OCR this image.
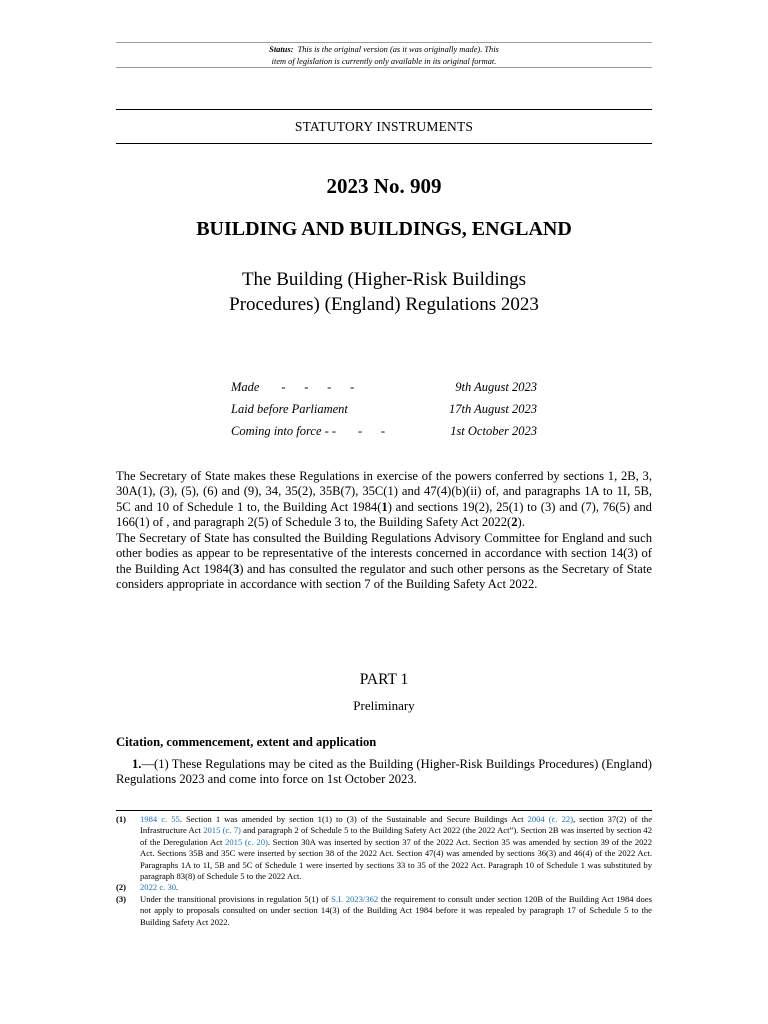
Status: This is the original version (as it was originally made). This
item of legislation is currently only available in its original format.
STATUTORY INSTRUMENTS
2023 No. 909
BUILDING AND BUILDINGS, ENGLAND
The Building (Higher-Risk Buildings
Procedures) (England) Regulations 2023
Made       -      -      -      -	9th August 2023
Laid before Parliament	17th August 2023
Coming into force - -       -      -	1st October 2023

The Secretary of State makes these Regulations in exercise of the powers conferred by sections 1, 2B, 3, 30A(1), (3), (5), (6) and (9), 34, 35(2), 35B(7), 35C(1) and 47(4)(b)(ii) of, and paragraphs 1A to 1I, 5B, 5C and 10 of Schedule 1 to, the Building Act 1984(1) and sections 19(2), 25(1) to (3) and (7), 76(5) and 166(1) of , and paragraph 2(5) of Schedule 3 to, the Building Safety Act 2022(2).

The Secretary of State has consulted the Building Regulations Advisory Committee for England and such other bodies as appear to be representative of the interests concerned in accordance with section 14(3) of the Building Act 1984(3) and has consulted the regulator and such other persons as the Secretary of State considers appropriate in accordance with section 7 of the Building Safety Act 2022.

PART 1
Preliminary
Citation, commencement, extent and application

1.—(1) These Regulations may be cited as the Building (Higher-Risk Buildings Procedures) (England) Regulations 2023 and come into force on 1st October 2023.

(1) 1984 c. 55. Section 1 was amended by section 1(1) to (3) of the Sustainable and Secure Buildings Act 2004 (c. 22), section 37(2) of the Infrastructure Act 2015 (c. 7) and paragraph 2 of Schedule 5 to the Building Safety Act 2022 (the 2022 Act”). Section 2B was inserted by section 42 of the Deregulation Act 2015 (c. 20). Section 30A was inserted by section 37 of the 2022 Act. Section 35 was amended by section 39 of the 2022 Act. Sections 35B and 35C were inserted by section 38 of the 2022 Act. Section 47(4) was amended by sections 36(3) and 46(4) of the 2022 Act. Paragraphs 1A to 1I, 5B and 5C of Schedule 1 were inserted by sections 33 to 35 of the 2022 Act. Paragraph 10 of Schedule 1 was substituted by paragraph 83(8) of Schedule 5 to the 2022 Act.
(2) 2022 c. 30.
(3) Under the transitional provisions in regulation 5(1) of S.I. 2023/362 the requirement to consult under section 120B of the Building Act 1984 does not apply to proposals consulted on under section 14(3) of the Building Act 1984 before it was repealed by paragraph 17 of Schedule 5 to the Building Safety Act 2022.
